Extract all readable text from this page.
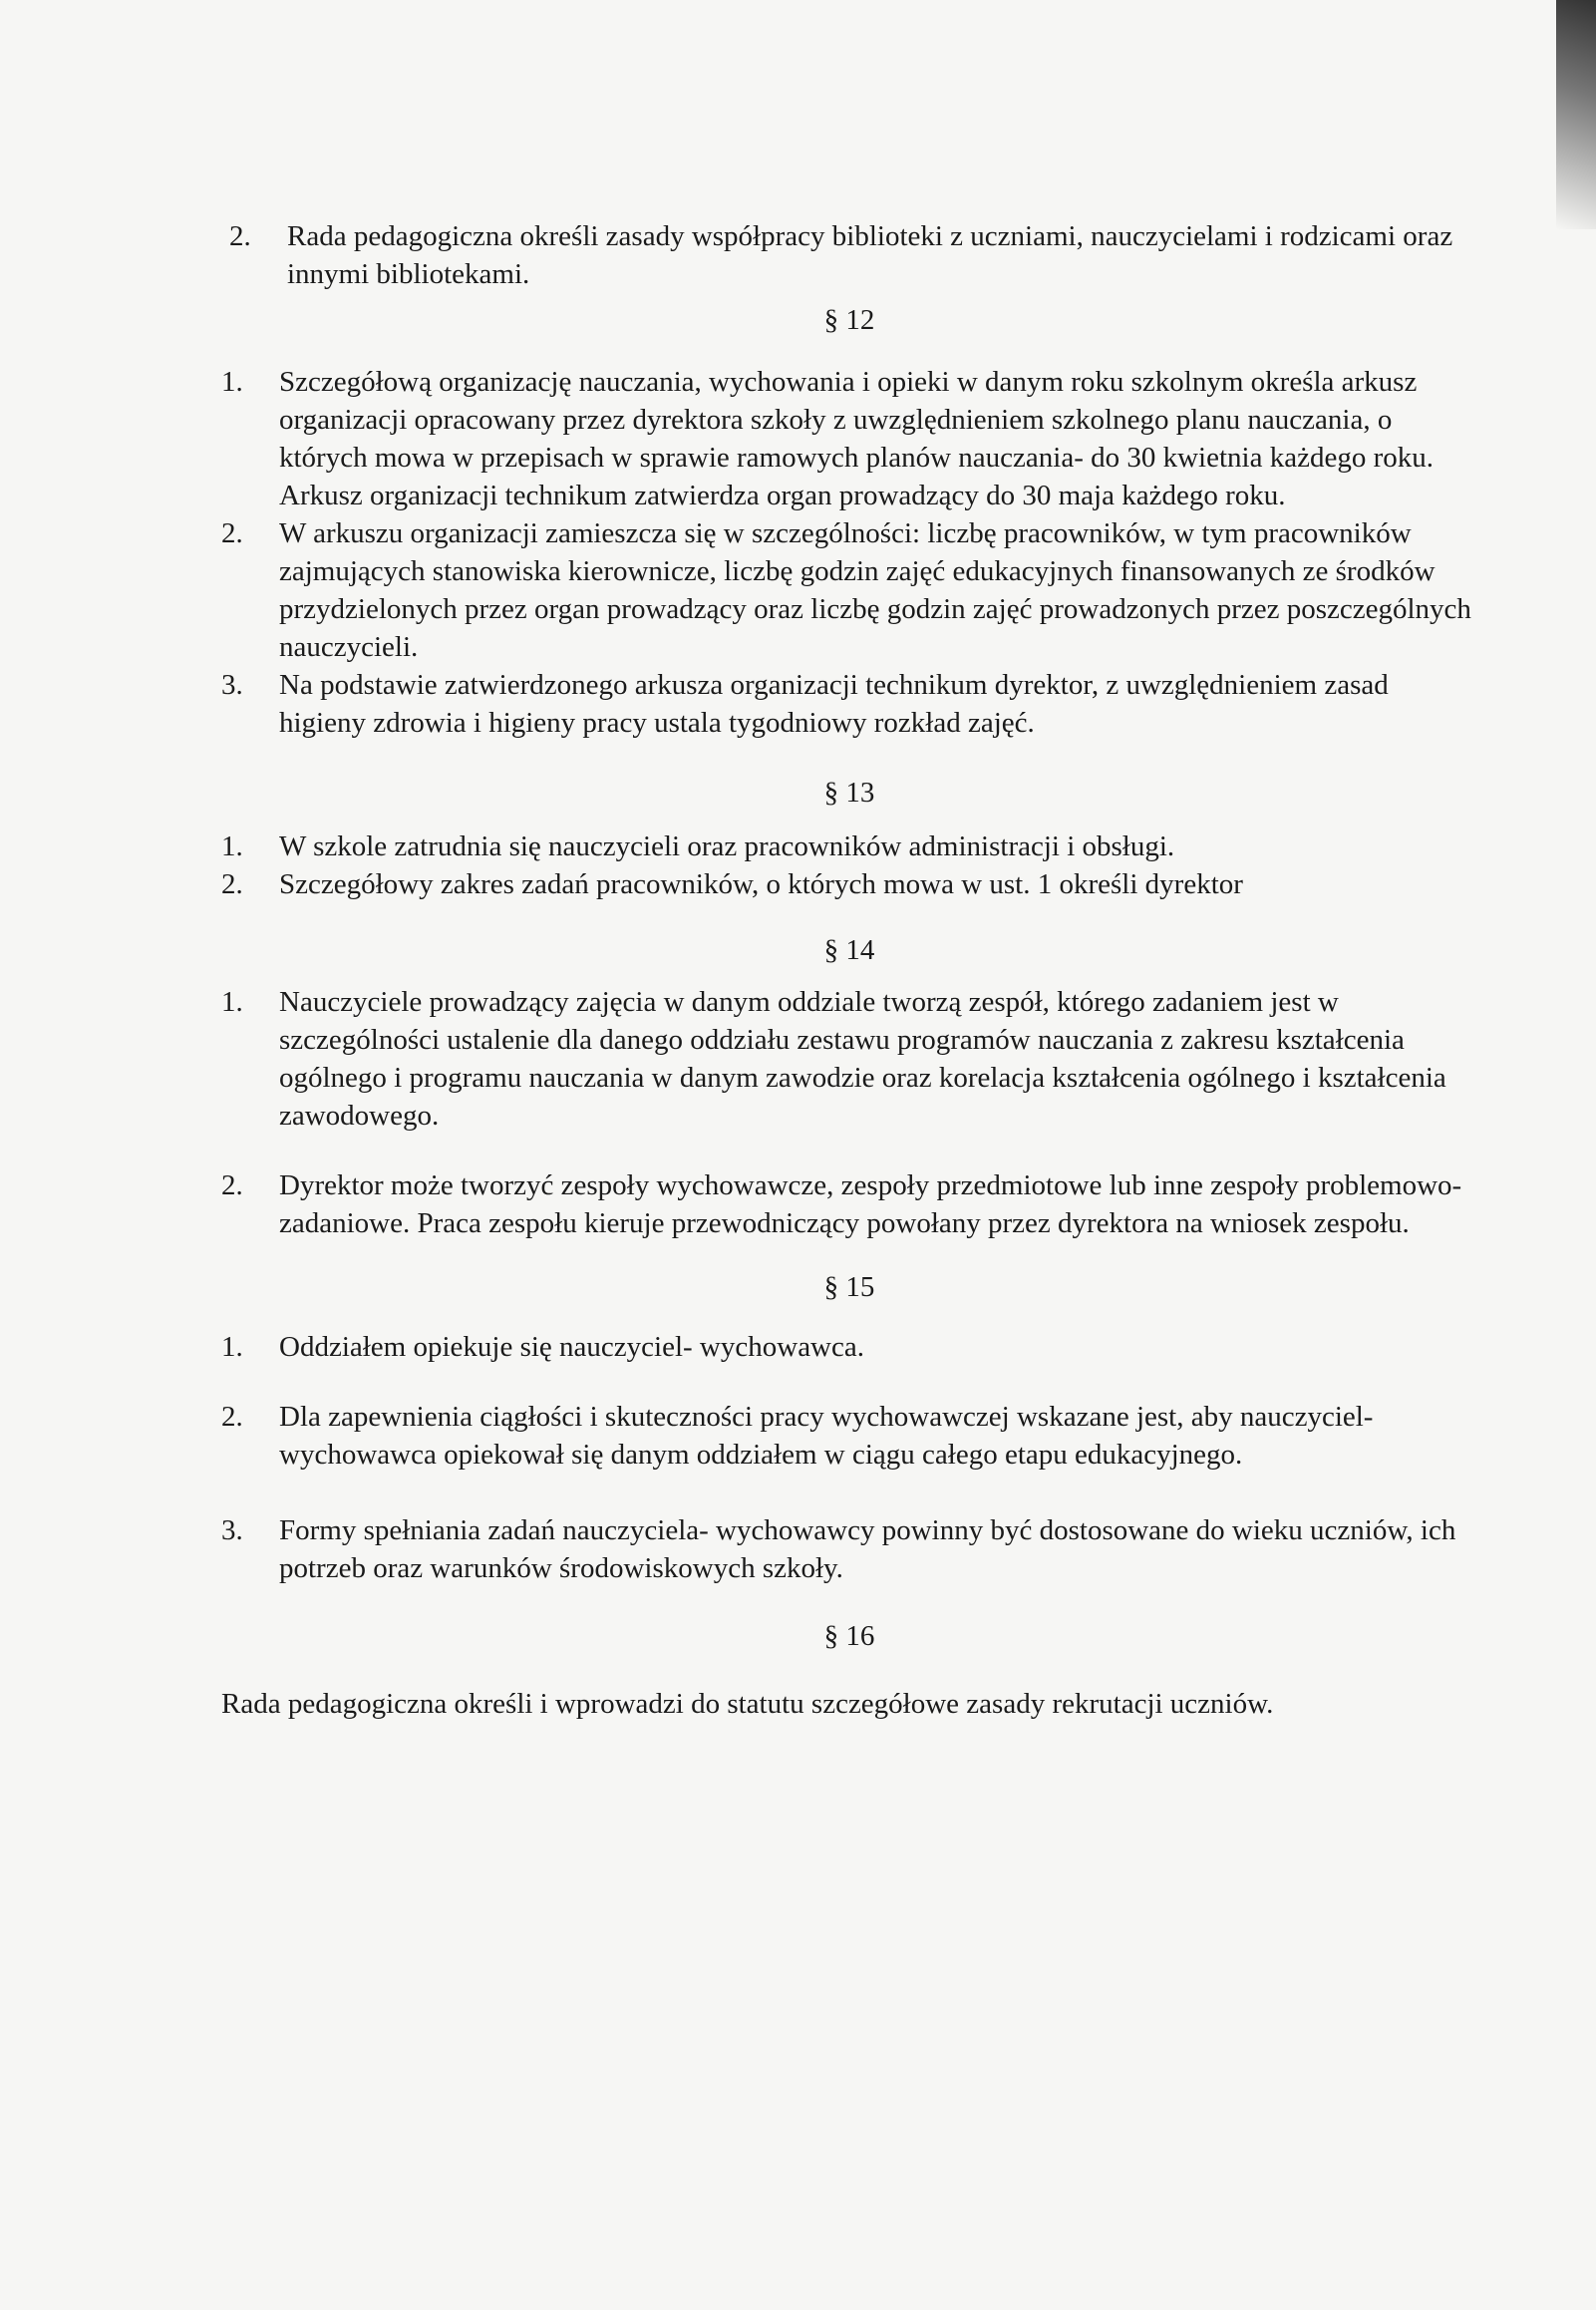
2.	Rada pedagogiczna określi zasady współpracy biblioteki z uczniami, nauczycielami i rodzicami oraz innymi bibliotekami.
§ 12
1.	Szczegółową organizację nauczania, wychowania i opieki w danym roku szkolnym określa arkusz organizacji opracowany przez dyrektora szkoły z uwzględnieniem szkolnego planu nauczania, o których mowa w przepisach w sprawie ramowych planów nauczania- do 30 kwietnia każdego roku. Arkusz organizacji technikum zatwierdza organ prowadzący do 30 maja każdego roku.
2.	W arkuszu organizacji zamieszcza się w szczególności: liczbę pracowników, w tym pracowników zajmujących stanowiska kierownicze, liczbę godzin zajęć edukacyjnych finansowanych ze środków przydzielonych przez organ prowadzący oraz liczbę godzin zajęć prowadzonych przez poszczególnych nauczycieli.
3.	Na podstawie zatwierdzonego arkusza organizacji technikum dyrektor, z uwzględnieniem zasad higieny zdrowia i higieny pracy ustala tygodniowy rozkład zajęć.
§ 13
1.	W szkole zatrudnia się nauczycieli oraz pracowników administracji i obsługi.
2.	Szczegółowy zakres zadań pracowników, o których mowa w ust. 1 określi dyrektor
§ 14
1.	Nauczyciele prowadzący zajęcia w danym oddziale tworzą zespół, którego zadaniem jest w szczególności ustalenie dla danego oddziału zestawu programów nauczania z zakresu kształcenia ogólnego i programu nauczania w danym zawodzie oraz korelacja kształcenia ogólnego i kształcenia zawodowego.
2.	Dyrektor może tworzyć zespoły wychowawcze, zespoły przedmiotowe lub inne zespoły problemowo- zadaniowe. Praca zespołu kieruje przewodniczący powołany przez dyrektora na wniosek zespołu.
§ 15
1.	Oddziałem opiekuje się nauczyciel- wychowawca.
2.	Dla zapewnienia ciągłości i skuteczności pracy wychowawczej wskazane jest, aby nauczyciel- wychowawca opiekował się danym oddziałem w ciągu całego etapu edukacyjnego.
3.	Formy spełniania zadań nauczyciela- wychowawcy powinny być dostosowane do wieku uczniów, ich potrzeb oraz warunków środowiskowych szkoły.
§ 16
Rada pedagogiczna określi i wprowadzi do statutu szczegółowe zasady rekrutacji uczniów.
